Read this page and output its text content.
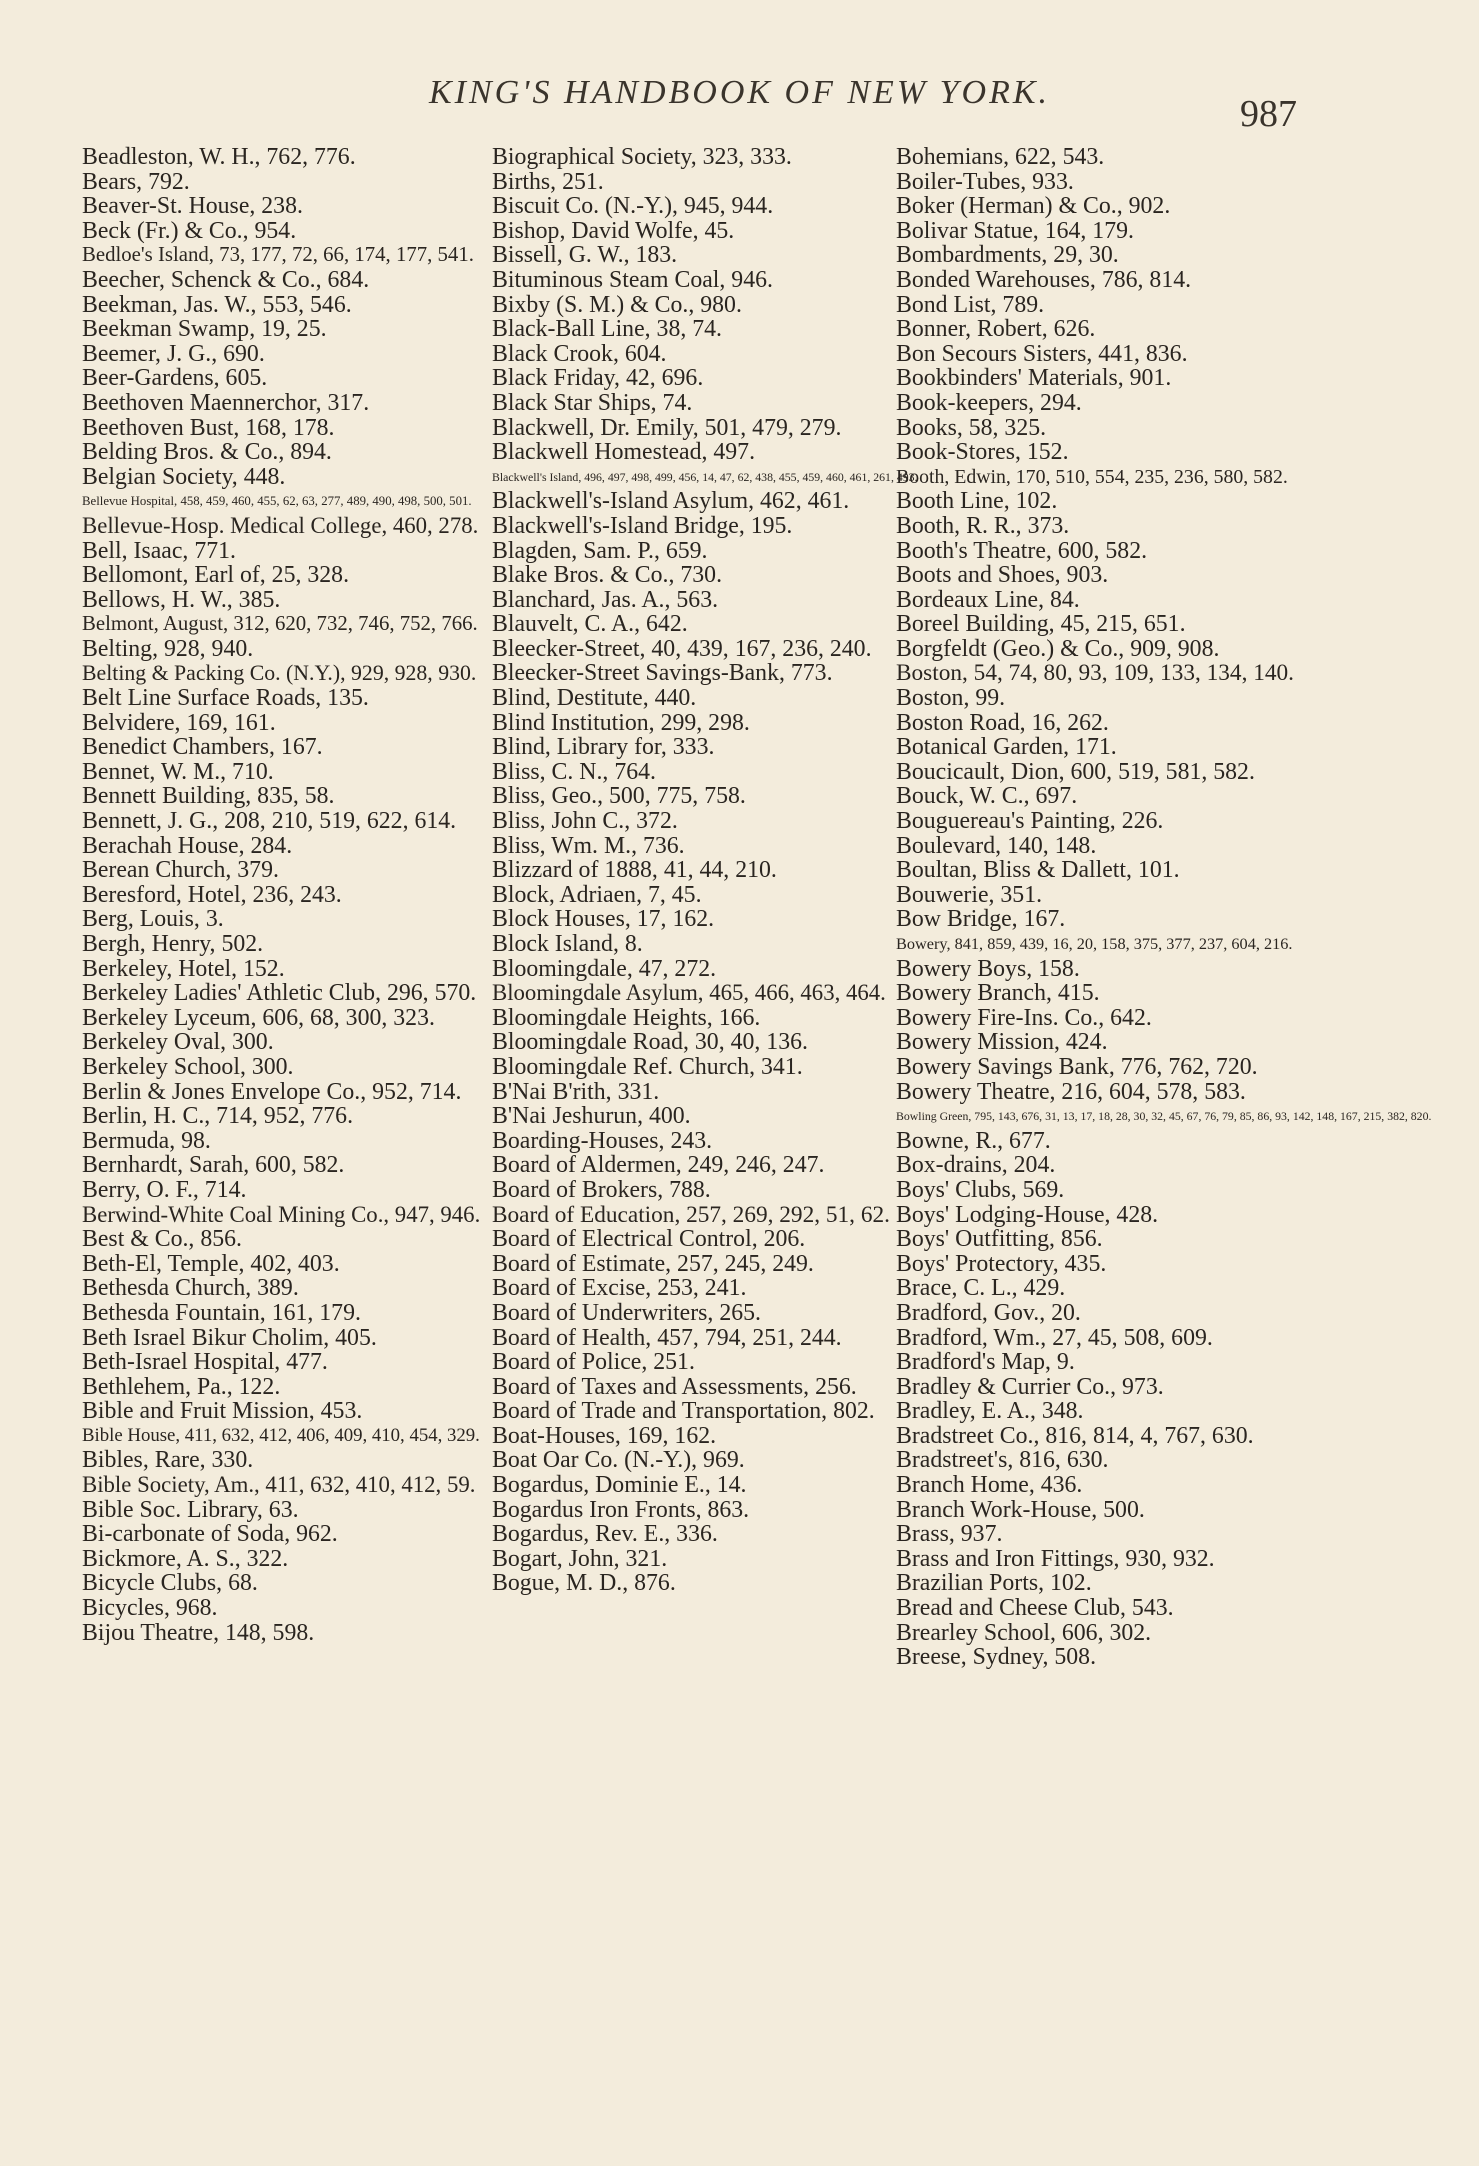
KING'S HANDBOOK OF NEW YORK.
987
Beadleston, W. H., 762, 776.
Bears, 792.
Beaver-St. House, 238.
Beck (Fr.) & Co., 954.
Bedloe's Island, 73, 177, 72, 66, 174, 177, 541.
Beecher, Schenck & Co., 684.
Beekman, Jas. W., 553, 546.
Beekman Swamp, 19, 25.
Beemer, J. G., 690.
Beer-Gardens, 605.
Beethoven Maennerchor, 317.
Beethoven Bust, 168, 178.
Belding Bros. & Co., 894.
Belgian Society, 448.
Bellevue Hospital, 458, 459, 460, 455, 62, 63, 277, 489, 490, 498, 500, 501.
Bellevue-Hosp. Medical College, 460, 278.
Bell, Isaac, 771.
Bellomont, Earl of, 25, 328.
Bellows, H. W., 385.
Belmont, August, 312, 620, 732, 746, 752, 766.
Belting, 928, 940.
Belting & Packing Co. (N.Y.), 929, 928, 930.
Belt Line Surface Roads, 135.
Belvidere, 169, 161.
Benedict Chambers, 167.
Bennet, W. M., 710.
Bennett Building, 835, 58.
Bennett, J. G., 208, 210, 519, 622, 614.
Berachah House, 284.
Berean Church, 379.
Beresford, Hotel, 236, 243.
Berg, Louis, 3.
Bergh, Henry, 502.
Berkeley, Hotel, 152.
Berkeley Ladies' Athletic Club, 296, 570.
Berkeley Lyceum, 606, 68, 300, 323.
Berkeley Oval, 300.
Berkeley School, 300.
Berlin & Jones Envelope Co., 952, 714.
Berlin, H. C., 714, 952, 776.
Bermuda, 98.
Bernhardt, Sarah, 600, 582.
Berry, O. F., 714.
Berwind-White Coal Mining Co., 947, 946.
Best & Co., 856.
Beth-El, Temple, 402, 403.
Bethesda Church, 389.
Bethesda Fountain, 161, 179.
Beth Israel Bikur Cholim, 405.
Beth-Israel Hospital, 477.
Bethlehem, Pa., 122.
Bible and Fruit Mission, 453.
Bible House, 411, 632, 412, 406, 409, 410, 454, 329.
Bibles, Rare, 330.
Bible Society, Am., 411, 632, 410, 412, 59.
Bible Soc. Library, 63.
Bi-carbonate of Soda, 962.
Bickmore, A. S., 322.
Bicycle Clubs, 68.
Bicycles, 968.
Bijou Theatre, 148, 598.
Biographical Society, 323, 333.
Births, 251.
Biscuit Co. (N.-Y.), 945, 944.
Bishop, David Wolfe, 45.
Bissell, G. W., 183.
Bituminous Steam Coal, 946.
Bixby (S. M.) & Co., 980.
Black-Ball Line, 38, 74.
Black Crook, 604.
Black Friday, 42, 696.
Black Star Ships, 74.
Blackwell, Dr. Emily, 501, 479, 279.
Blackwell Homestead, 497.
Blackwell's Island, 496, 497, 498, 499, 456, 14, 47, 62, 438, 455, 459, 460, 461, 261, 493.
Blackwell's-Island Asylum, 462, 461.
Blackwell's-Island Bridge, 195.
Blagden, Sam. P., 659.
Blake Bros. & Co., 730.
Blanchard, Jas. A., 563.
Blauvelt, C. A., 642.
Bleecker-Street, 40, 439, 167, 236, 240.
Bleecker-Street Savings-Bank, 773.
Blind, Destitute, 440.
Blind Institution, 299, 298.
Blind, Library for, 333.
Bliss, C. N., 764.
Bliss, Geo., 500, 775, 758.
Bliss, John C., 372.
Bliss, Wm. M., 736.
Blizzard of 1888, 41, 44, 210.
Block, Adriaen, 7, 45.
Block Houses, 17, 162.
Block Island, 8.
Bloomingdale, 47, 272.
Bloomingdale Asylum, 465, 466, 463, 464.
Bloomingdale Heights, 166.
Bloomingdale Road, 30, 40, 136.
Bloomingdale Ref. Church, 341.
B'Nai B'rith, 331.
B'Nai Jeshurun, 400.
Boarding-Houses, 243.
Board of Aldermen, 249, 246, 247.
Board of Brokers, 788.
Board of Education, 257, 269, 292, 51, 62.
Board of Electrical Control, 206.
Board of Estimate, 257, 245, 249.
Board of Excise, 253, 241.
Board of Underwriters, 265.
Board of Health, 457, 794, 251, 244.
Board of Police, 251.
Board of Taxes and Assessments, 256.
Board of Trade and Transportation, 802.
Boat-Houses, 169, 162.
Boat Oar Co. (N.-Y.), 969.
Bogardus, Dominie E., 14.
Bogardus Iron Fronts, 863.
Bogardus, Rev. E., 336.
Bogart, John, 321.
Bogue, M. D., 876.
Bohemians, 622, 543.
Boiler-Tubes, 933.
Boker (Herman) & Co., 902.
Bolivar Statue, 164, 179.
Bombardments, 29, 30.
Bonded Warehouses, 786, 814.
Bond List, 789.
Bonner, Robert, 626.
Bon Secours Sisters, 441, 836.
Bookbinders' Materials, 901.
Book-keepers, 294.
Books, 58, 325.
Book-Stores, 152.
Booth, Edwin, 170, 510, 554, 235, 236, 580, 582.
Booth Line, 102.
Booth, R. R., 373.
Booth's Theatre, 600, 582.
Boots and Shoes, 903.
Bordeaux Line, 84.
Boreel Building, 45, 215, 651.
Borgfeldt (Geo.) & Co., 909, 908.
Boston, 54, 74, 80, 93, 109, 133, 134, 140.
Boston, 99.
Boston Road, 16, 262.
Botanical Garden, 171.
Boucicault, Dion, 600, 519, 581, 582.
Bouck, W. C., 697.
Bouguereau's Painting, 226.
Boulevard, 140, 148.
Boultan, Bliss & Dallett, 101.
Bouwerie, 351.
Bow Bridge, 167.
Bowery, 841, 859, 439, 16, 20, 158, 375, 377, 237, 604, 216.
Bowery Boys, 158.
Bowery Branch, 415.
Bowery Fire-Ins. Co., 642.
Bowery Mission, 424.
Bowery Savings Bank, 776, 762, 720.
Bowery Theatre, 216, 604, 578, 583.
Bowling Green, 795, 143, 676, 31, 13, 17, 18, 28, 30, 32, 45, 67, 76, 79, 85, 86, 93, 142, 148, 167, 215, 382, 820.
Bowne, R., 677.
Box-drains, 204.
Boys' Clubs, 569.
Boys' Lodging-House, 428.
Boys' Outfitting, 856.
Boys' Protectory, 435.
Brace, C. L., 429.
Bradford, Gov., 20.
Bradford, Wm., 27, 45, 508, 609.
Bradford's Map, 9.
Bradley & Currier Co., 973.
Bradley, E. A., 348.
Bradstreet Co., 816, 814, 4, 767, 630.
Bradstreet's, 816, 630.
Branch Home, 436.
Branch Work-House, 500.
Brass, 937.
Brass and Iron Fittings, 930, 932.
Brazilian Ports, 102.
Bread and Cheese Club, 543.
Brearley School, 606, 302.
Breese, Sydney, 508.
